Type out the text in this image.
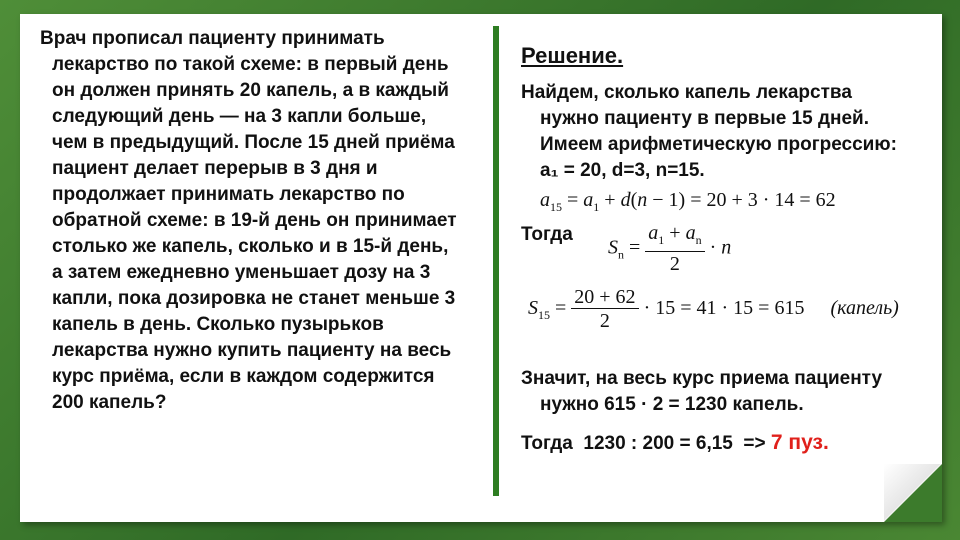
Врач прописал пациенту принимать
лекарство по такой схеме: в первый день
он должен принять 20 капель, а в каждый
следующий день — на 3 капли больше,
чем в предыдущий. После 15 дней приёма
пациент делает перерыв в 3 дня и
продолжает принимать лекарство по
обратной схеме: в 19-й день он принимает
столько же капель, сколько и в 15-й день,
а затем ежедневно уменьшает дозу на 3
капли, пока дозировка не станет меньше 3
капель в день. Сколько пузырьков
лекарства нужно купить пациенту на весь
курс приёма, если в каждом содержится
200 капель?
Решение.
Найдем, сколько капель лекарства
нужно пациенту в первые 15 дней.
Имеем арифметическую прогрессию:
a₁ = 20, d=3, n=15.
$a_{15} = a_1 + d(n - 1) = 20 + 3 \cdot 14 = 62$
Тогда
$S_n = \frac{a_1 + a_n}{2} \cdot n$
$S_{15} = \frac{20 + 62}{2} \cdot 15 = 41 \cdot 15 = 615$ (капель)
Значит, на весь курс приема пациенту
нужно 615 · 2 = 1230 капель.
Тогда  1230 : 200 = 6,15  => 7 пуз.
